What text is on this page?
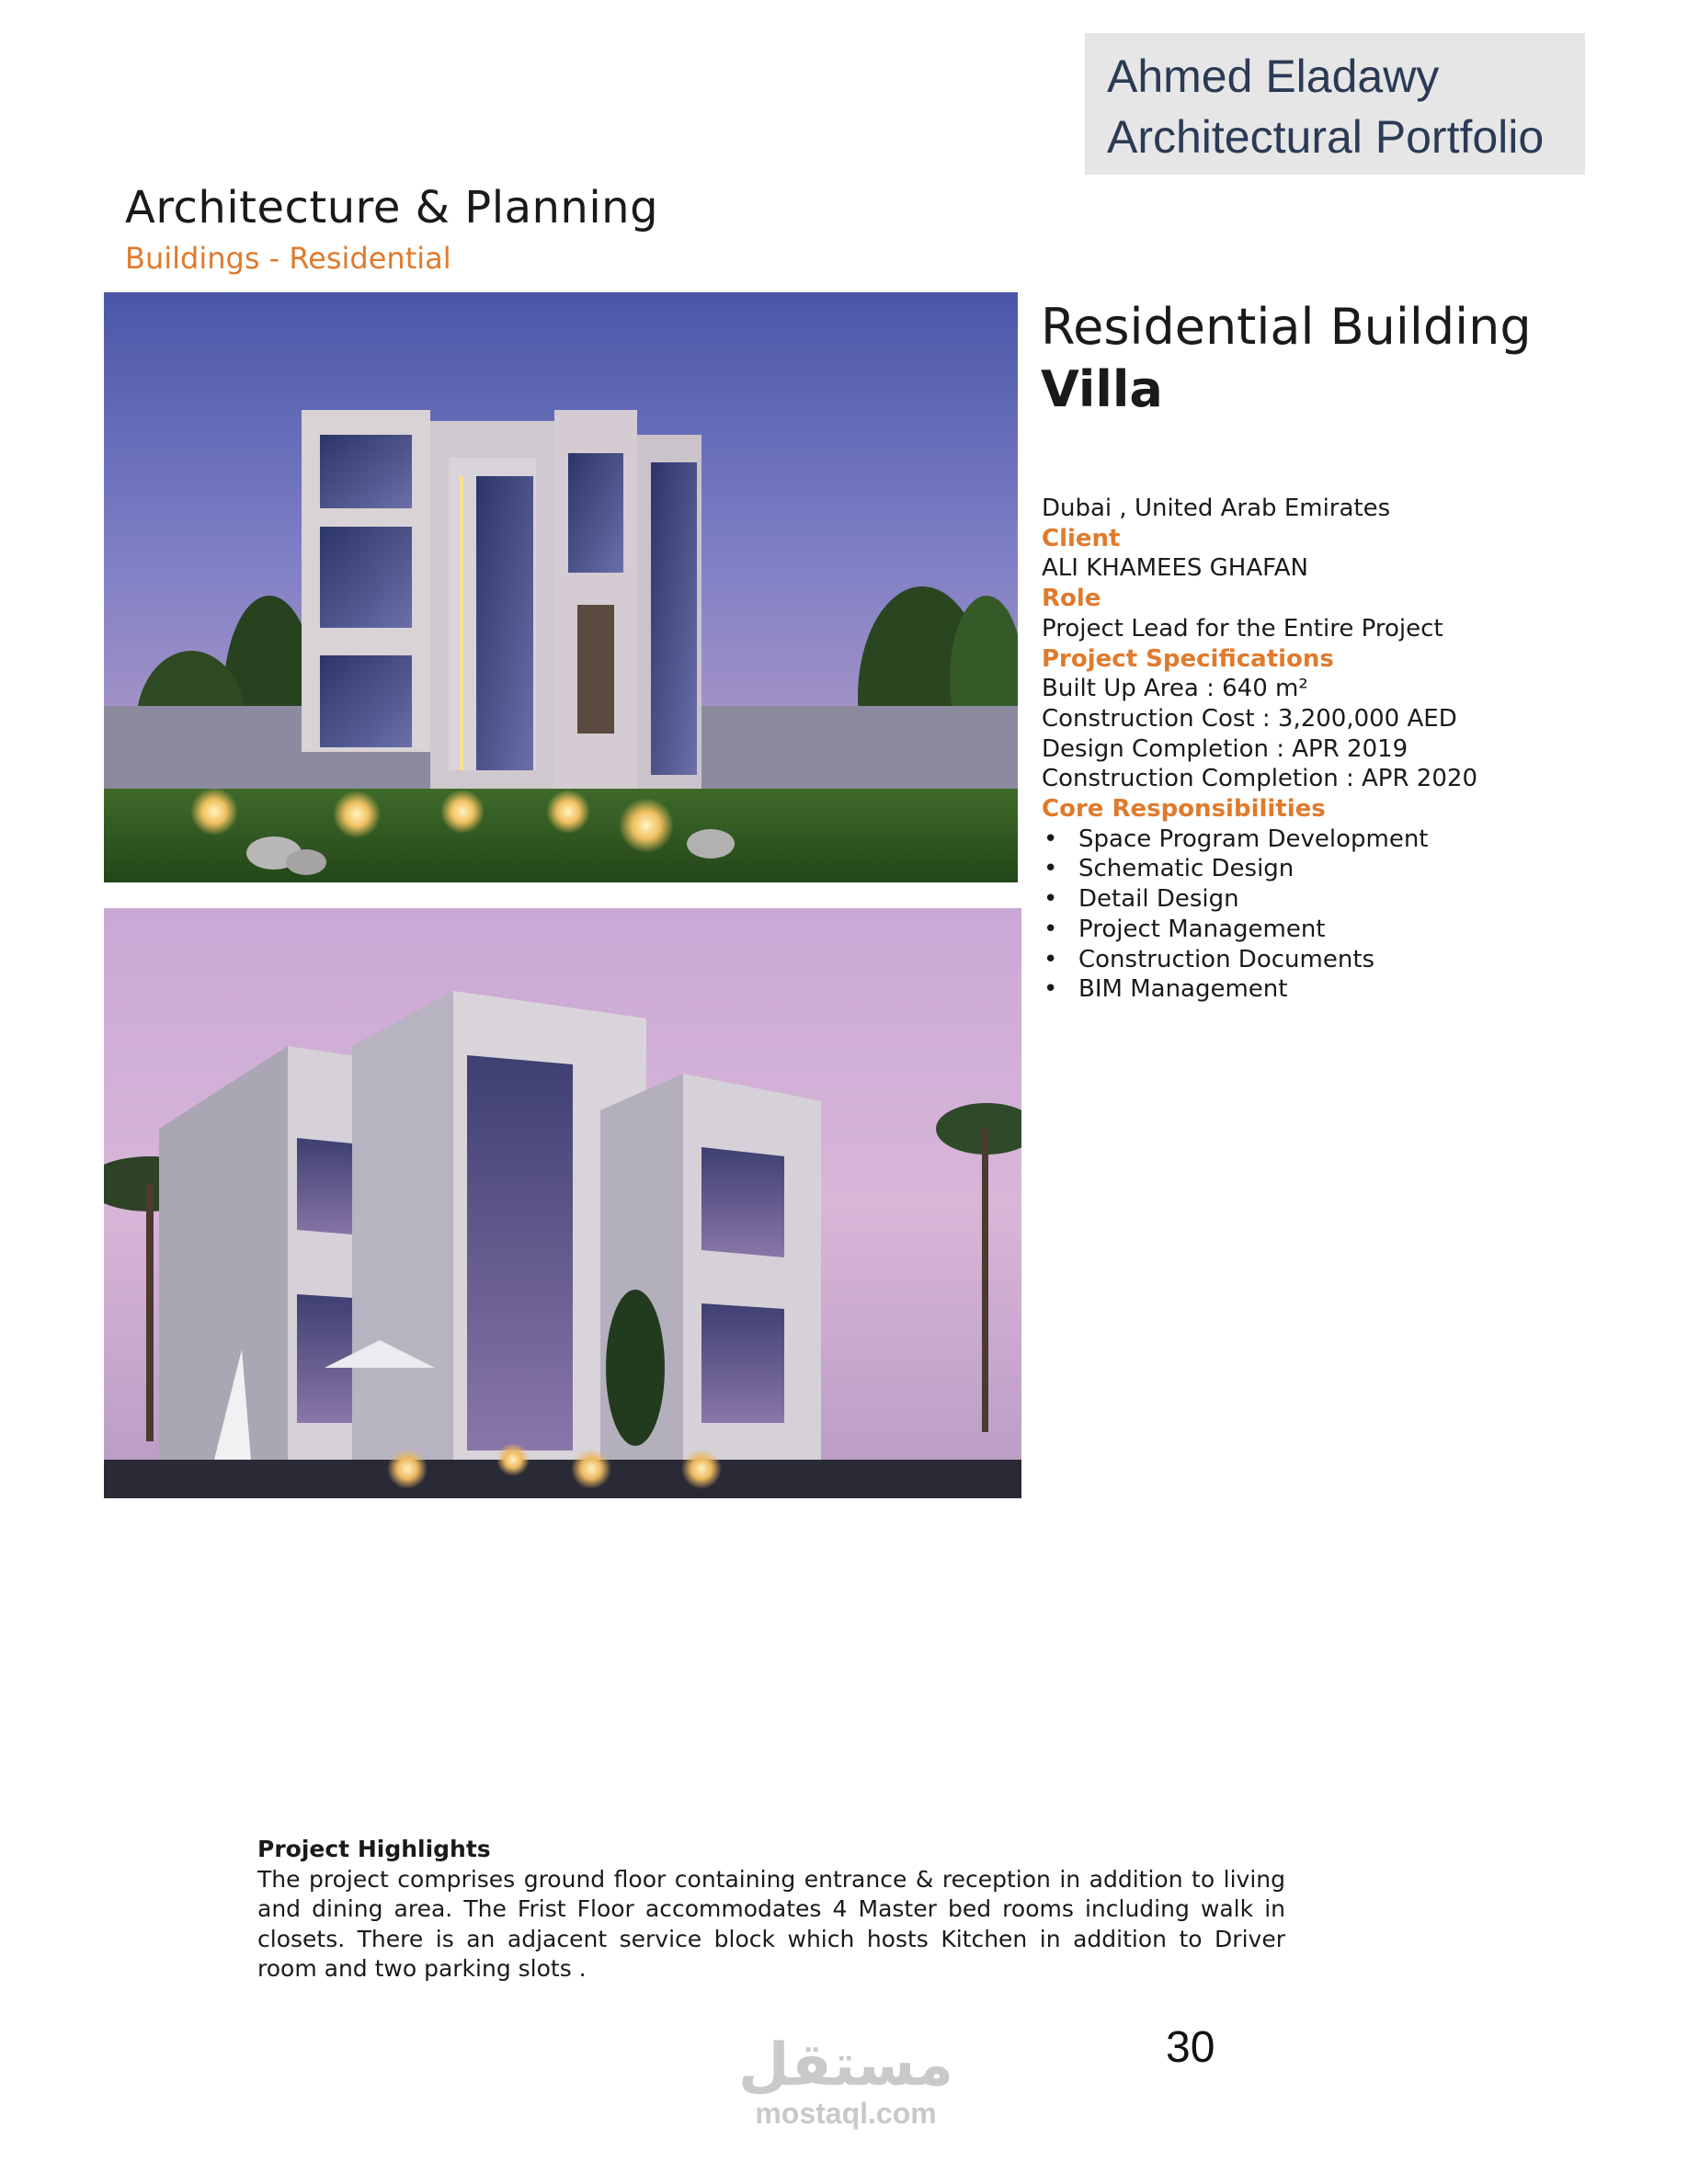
Ahmed Eladawy
Architectural Portfolio
Architecture & Planning
Buildings - Residential
Residential Building
Villa
Dubai , United Arab Emirates
Client
ALI KHAMEES GHAFAN
Role
Project Lead for the Entire Project
Project Specifications
Built Up Area : 640 m²
Construction Cost : 3,200,000 AED
Design Completion : APR 2019
Construction Completion : APR 2020
Core Responsibilities
• Space Program Development
• Schematic Design
• Detail Design
• Project Management
• Construction Documents
• BIM Management
Project Highlights
The project comprises ground floor containing entrance & reception in addition to living and dining area. The Frist Floor accommodates 4 Master bed rooms including walk in closets. There is an adjacent service block which hosts Kitchen in addition to Driver room and two parking slots .
مستقل
mostaql.com
30
